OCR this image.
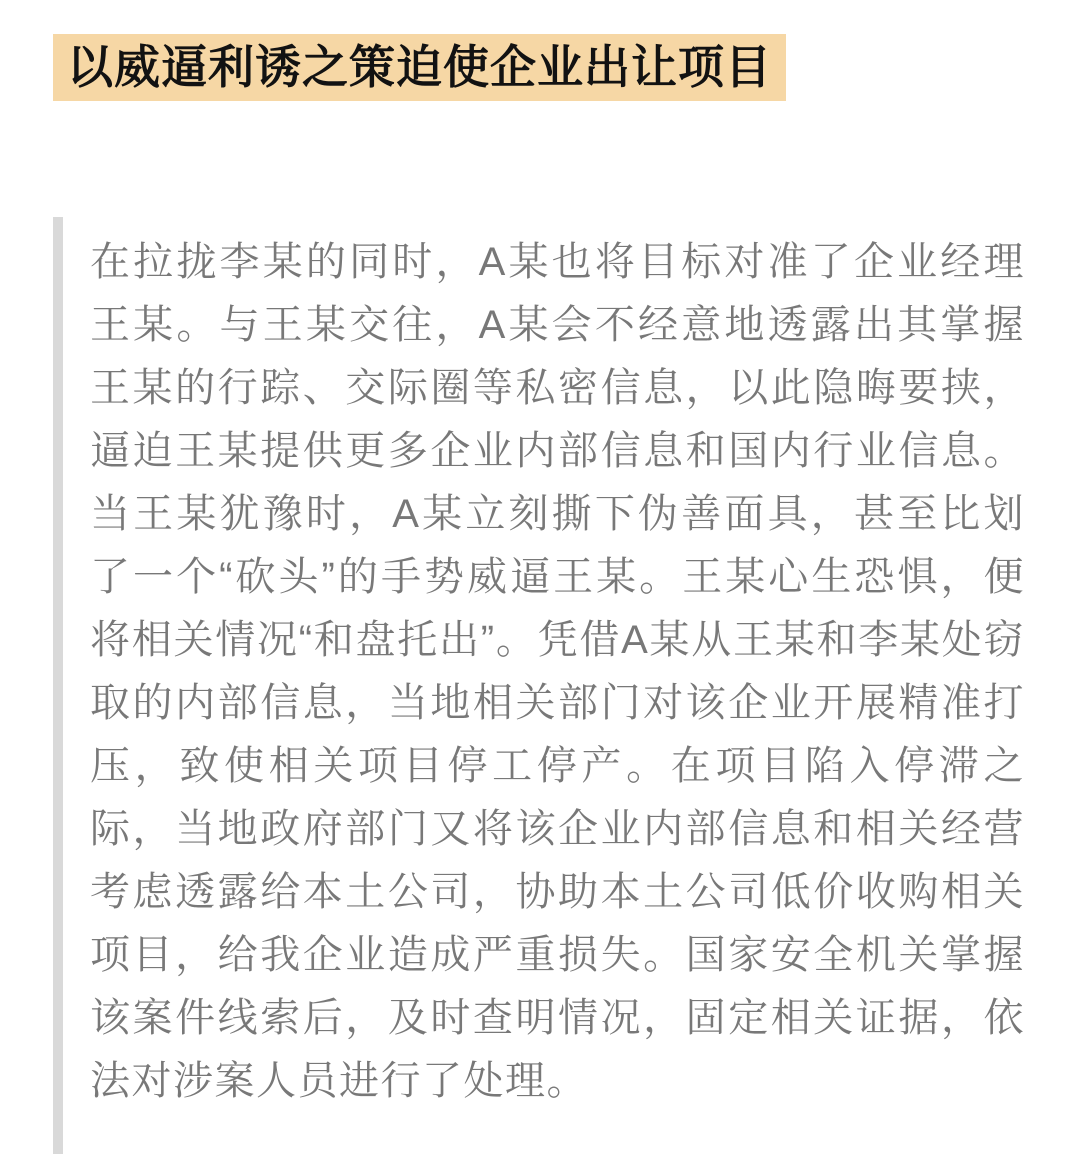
以威逼利诱之策迫使企业出让项目

在拉拢李某的同时，A某也将目标对准了企业经理王某。与王某交往，A某会不经意地透露出其掌握王某的行踪、交际圈等私密信息，以此隐晦要挟，逼迫王某提供更多企业内部信息和国内行业信息。当王某犹豫时，A某立刻撕下伪善面具，甚至比划了一个“砍头”的手势威逼王某。王某心生恐惧，便将相关情况“和盘托出”。凭借A某从王某和李某处窃取的内部信息，当地相关部门对该企业开展精准打压，致使相关项目停工停产。在项目陷入停滞之际，当地政府部门又将该企业内部信息和相关经营考虑透露给本土公司，协助本土公司低价收购相关项目，给我企业造成严重损失。国家安全机关掌握该案件线索后，及时查明情况，固定相关证据，依法对涉案人员进行了处理。
